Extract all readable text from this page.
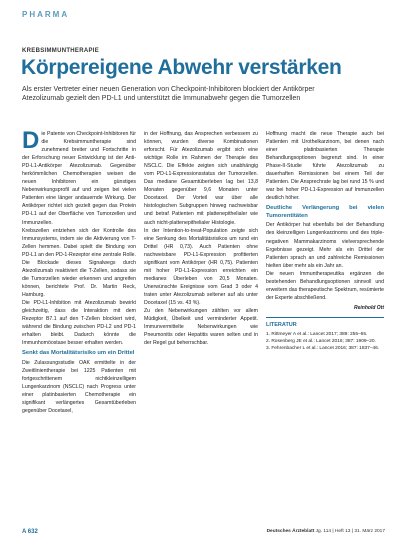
PHARMA
KREBSIMMUNTHERAPIE
Körpereigene Abwehr verstärken
Als erster Vertreter einer neuen Generation von Checkpoint-Inhibitoren blockiert der Antikörper Atezolizumab gezielt den PD-L1 und unterstützt die Immunabwehr gegen die Tumorzellen
D ie Patente von Checkpoint-Inhibitoren für die Krebsimmuntherapie sind zunehmend breiter und Fortschritte in der Erforschung neuer Entwicklung ist der Anti-PD-L1-Antikörper Atezolizumab. Gegenüber herkömmlichen Chemotherapien weisen die neuen Inhibitoren ein günstiges Nebenwirkungsprofil auf und zeigen bei vielen Patienten eine länger andauernde Wirkung. Der Antikörper richtet sich gezielt gegen das Protein PD-L1 auf der Oberfläche von Tumorzellen und Immunzellen.

Krebszellen entziehen sich der Kontrolle des Immunsystems, indem sie die Aktivierung von T-Zellen hemmen. Dabei spielt die Bindung von PD-L1 an den PD-1-Rezeptor eine zentrale Rolle. Die Blockade dieses Signalwegs durch Atezolizumab reaktiviert die T-Zellen, sodass sie die Tumorzellen wieder erkennen und angreifen können, berichtete Prof. Dr. Martin Reck, Hamburg.

Die PD-L1-Inhibition mit Atezolizumab bewirkt gleichzeitig, dass die Interaktion mit dem Rezeptor B7.1 auf den T-Zellen blockiert wird, während die Bindung zwischen PD-L2 und PD-1 erhalten bleibt. Dadurch könnte die Immunhomöostase besser erhalten werden.

Senkt das Mortalitätsrisiko um ein Drittel

Die Zulassungsstudie OAK ermittelte in der Zweitlinientherapie bei 1225 Patienten mit fortgeschrittenem nichtkleinzelligem Lungenkarzinom (NSCLC) nach Progress unter einer platinbasierten Chemotherapie ein signifikant verlängertes Gesamtüberleben gegenüber Docetaxel,

in der Hoffnung, das Ansprechen verbessern zu können, wurden diverse Kombinationen erforscht. Für Atezolizumab ergibt sich eine wichtige Rolle im Rahmen der Therapie des NSCLC. Die Effekte zeigten sich unabhängig vom PD-L1-Expressionsstatus der Tumorzellen. Das mediane Gesamtüberleben lag bei 13,8 Monaten gegenüber 9,6 Monaten unter Docetaxel. Der Vorteil war über alle histologischen Subgruppen hinweg nachweisbar und betraf Patienten mit plattenepithelialer wie auch nicht-plattenepithelialer Histologie.

In der Intention-to-treat-Population zeigte sich eine Senkung des Mortalitätsrisikos um rund ein Drittel (HR 0,73). Auch Patienten ohne nachweisbare PD-L1-Expression profitierten signifikant vom Antikörper (HR 0,75). Patienten mit hoher PD-L1-Expression erreichten ein medianes Überleben von 20,5 Monaten. Unerwünschte Ereignisse vom Grad 3 oder 4 traten unter Atezolizumab seltener auf als unter Docetaxel (15 vs. 43 %).

Zu den Nebenwirkungen zählten vor allem Müdigkeit, Übelkeit und verminderter Appetit. Immunvermittelte Nebenwirkungen wie Pneumonitis oder Hepatitis waren selten und in der Regel gut beherrschbar.

Hoffnung macht die neue Therapie auch bei Patienten mit Urothelkarzinom, bei denen nach einer platinbasierten Therapie Behandlungsoptionen begrenzt sind. In einer Phase-II-Studie führte Atezolizumab zu dauerhaften Remissionen bei einem Teil der Patienten. Die Ansprechrate lag bei rund 15 % und war bei hoher PD-L1-Expression auf Immunzellen deutlich höher.

Deutliche Verlängerung bei vielen Tumorentitäten

Der Antikörper hat ebenfalls bei der Behandlung des kleinzelligen Lungenkarzinoms und des triple-negativen Mammakarzinoms vielversprechende Ergebnisse gezeigt. Mehr als ein Drittel der Patienten sprach an und zahlreiche Remissionen hielten über mehr als ein Jahr an.

Die neuen Immuntherapeutika ergänzen die bestehenden Behandlungsoptionen sinnvoll und erweitern das therapeutische Spektrum, resümierte der Experte abschließend.

Reinhold Ott
LITERATUR
1. Rittmeyer A et al.: Lancet 2017; 389: 255–65.
2. Rosenberg JE et al.: Lancet 2016; 387: 1909–20.
3. Fehrenbacher L et al.: Lancet 2016; 387: 1837–46.
A 632	Deutsches Ärzteblatt Jg. 114 | Heft 13 | 31. März 2017
